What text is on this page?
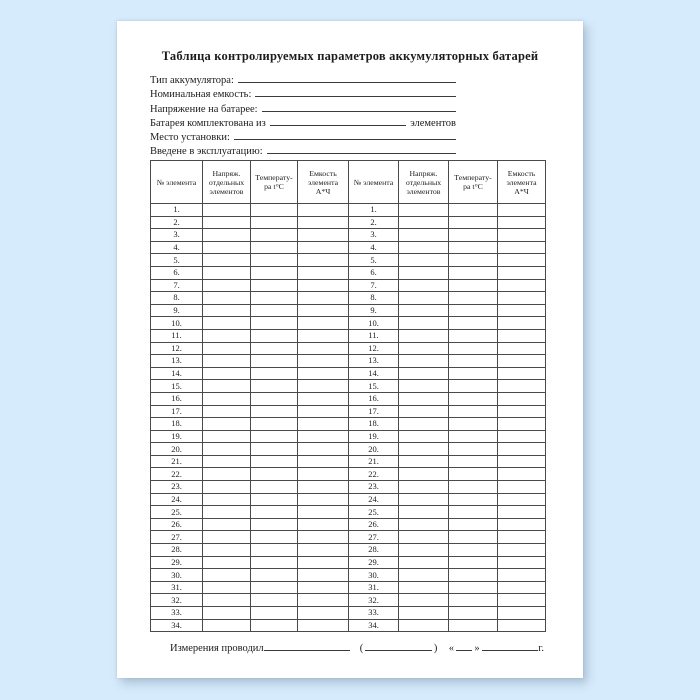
Таблица контролируемых параметров аккумуляторных батарей
Тип аккумулятора:
Номинальная емкость:
Напряжение на батарее:
Батарея комплектована из	элементов
Место установки:
Введене в эксплуатацию:
№ элемента	Напряж. отдельных элементов	Температу-ра t°C	Емкость элемента А*Ч	№ элемента	Напряж. отдельных элементов	Температу-ра t°C	Емкость элемента А*Ч
1.				1.			
2.				2.			
3.				3.			
4.				4.			
5.				5.			
6.				6.			
7.				7.			
8.				8.			
9.				9.			
10.				10.			
11.				11.			
12.				12.			
13.				13.			
14.				14.			
15.				15.			
16.				16.			
17.				17.			
18.				18.			
19.				19.			
20.				20.			
21.				21.			
22.				22.			
23.				23.			
24.				24.			
25.				25.			
26.				26.			
27.				27.			
28.				28.			
29.				29.			
30.				30.			
31.				31.			
32.				32.			
33.				33.			
34.				34.			
Измерения проводил	(	) « »	г.
